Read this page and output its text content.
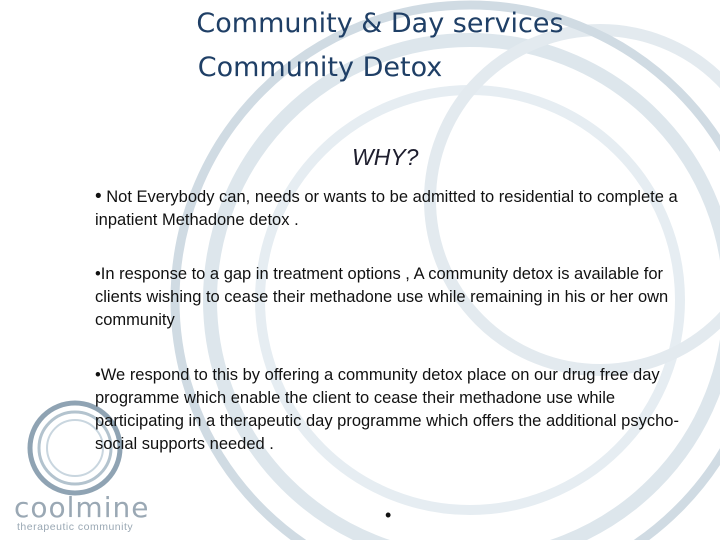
Community & Day services
Community Detox
WHY?
• Not Everybody can, needs or wants to be admitted to residential to complete a inpatient Methadone detox .
•In response to a gap in treatment options , A community detox is available for clients wishing to cease their methadone use while remaining in his or her own community
•We respond to this by offering a community detox place on our drug free day programme which enable the client to cease their methadone use while participating in a therapeutic day programme which offers the additional psycho-social supports needed .
•
coolmine
therapeutic community
